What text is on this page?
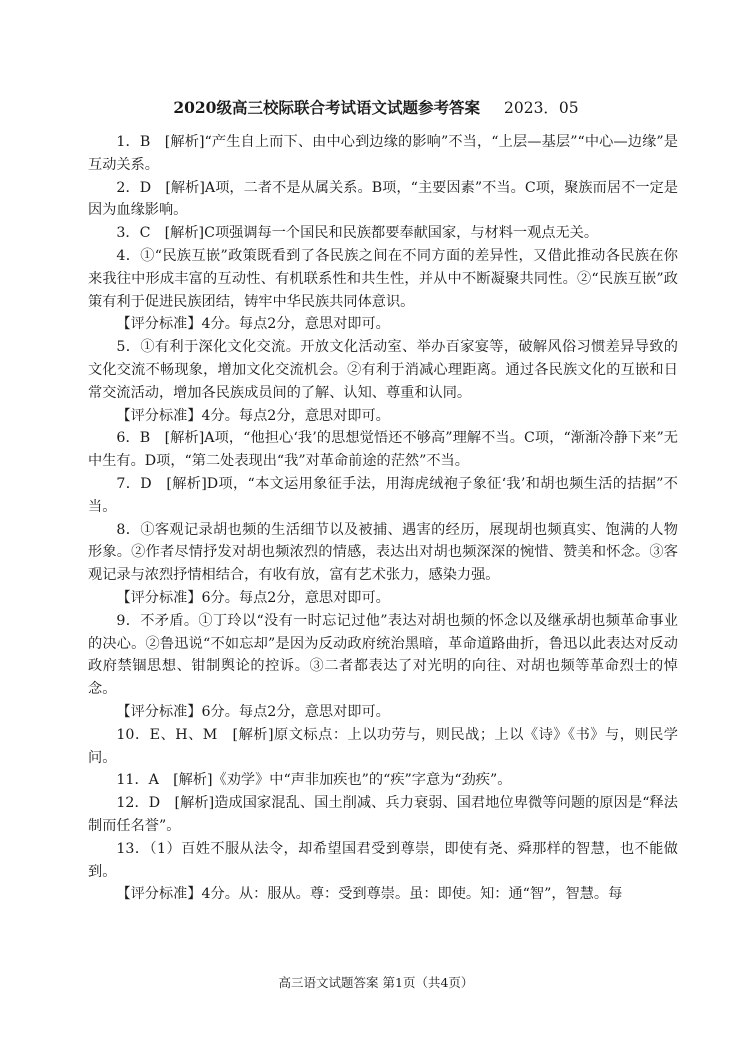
2020级高三校际联合考试语文试题参考答案 2023．05

1．B　[解析]“产生自上而下、由中心到边缘的影响”不当，“上层—基层”“中心—边缘”是互动关系。

2．D　[解析]A项，二者不是从属关系。B项，“主要因素”不当。C项，聚族而居不一定是因为血缘影响。

3．C　[解析]C项强调每一个国民和民族都要奉献国家，与材料一观点无关。

4．①“民族互嵌”政策既看到了各民族之间在不同方面的差异性，又借此推动各民族在你来我往中形成丰富的互动性、有机联系性和共生性，并从中不断凝聚共同性。②“民族互嵌”政策有利于促进民族团结，铸牢中华民族共同体意识。

【评分标准】4分。每点2分，意思对即可。

5．①有利于深化文化交流。开放文化活动室、举办百家宴等，破解风俗习惯差异导致的文化交流不畅现象，增加文化交流机会。②有利于消减心理距离。通过各民族文化的互嵌和日常交流活动，增加各民族成员间的了解、认知、尊重和认同。

【评分标准】4分。每点2分，意思对即可。

6．B　[解析]A项，“他担心‘我’的思想觉悟还不够高”理解不当。C项，“渐渐冷静下来”无中生有。D项，“第二处表现出“我”对革命前途的茫然”不当。

7．D　[解析]D项，“本文运用象征手法，用海虎绒袍子象征‘我’和胡也频生活的拮据”不当。

8．①客观记录胡也频的生活细节以及被捕、遇害的经历，展现胡也频真实、饱满的人物形象。②作者尽情抒发对胡也频浓烈的情感，表达出对胡也频深深的惋惜、赞美和怀念。③客观记录与浓烈抒情相结合，有收有放，富有艺术张力，感染力强。

【评分标准】6分。每点2分，意思对即可。

9．不矛盾。①丁玲以“没有一时忘记过他”表达对胡也频的怀念以及继承胡也频革命事业的决心。②鲁迅说“不如忘却”是因为反动政府统治黑暗，革命道路曲折，鲁迅以此表达对反动政府禁锢思想、钳制舆论的控诉。③二者都表达了对光明的向往、对胡也频等革命烈士的悼念。

【评分标准】6分。每点2分，意思对即可。

10．E、H、M　[解析]原文标点：上以功劳与，则民战；上以《诗》《书》与，则民学问。

11．A　[解析]《劝学》中“声非加疾也”的“疾”字意为“劲疾”。

12．D　[解析]造成国家混乱、国土削减、兵力衰弱、国君地位卑微等问题的原因是“释法制而任名誉”。

13．（1）百姓不服从法令，却希望国君受到尊崇，即使有尧、舜那样的智慧，也不能做到。

【评分标准】4分。从：服从。尊：受到尊崇。虽：即使。知：通“智”，智慧。每

高三语文试题答案 第1页（共4页）
